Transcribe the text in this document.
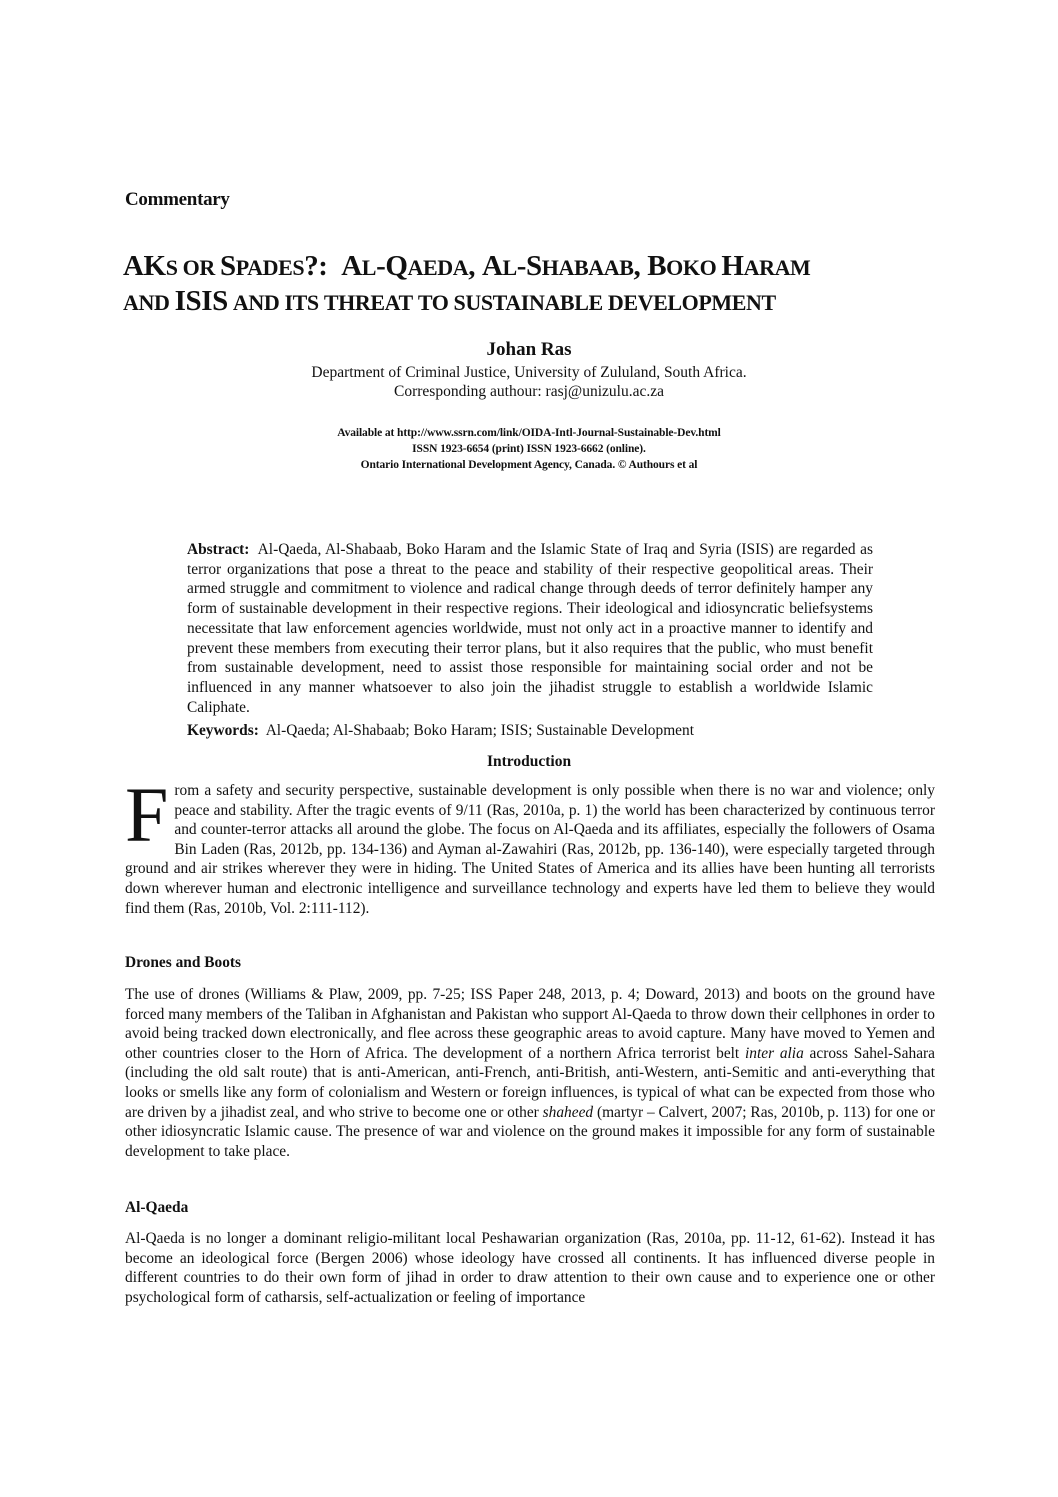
Commentary
AKS OR SPADES?:  AL-QAEDA, AL-SHABAAB, BOKO HARAM
AND ISIS AND ITS THREAT TO SUSTAINABLE DEVELOPMENT
Johan Ras
Department of Criminal Justice, University of Zululand, South Africa.
Corresponding authour: rasj@unizulu.ac.za
Available at http://www.ssrn.com/link/OIDA-Intl-Journal-Sustainable-Dev.html
ISSN 1923-6654 (print) ISSN 1923-6662 (online).
Ontario International Development Agency, Canada. © Authours et al

Abstract: Al-Qaeda, Al-Shabaab, Boko Haram and the Islamic State of Iraq and Syria (ISIS) are regarded as terror organizations that pose a threat to the peace and stability of their respective geopolitical areas. Their armed struggle and commitment to violence and radical change through deeds of terror definitely hamper any form of sustainable development in their respective regions. Their ideological and idiosyncratic beliefsystems necessitate that law enforcement agencies worldwide, must not only act in a proactive manner to identify and prevent these members from executing their terror plans, but it also requires that the public, who must benefit from sustainable development, need to assist those responsible for maintaining social order and not be influenced in any manner whatsoever to also join the jihadist struggle to establish a worldwide Islamic Caliphate.

Keywords: Al-Qaeda; Al-Shabaab; Boko Haram; ISIS; Sustainable Development
Introduction

From a safety and security perspective, sustainable development is only possible when there is no war and violence; only peace and stability. After the tragic events of 9/11 (Ras, 2010a, p. 1) the world has been characterized by continuous terror and counter-terror attacks all around the globe. The focus on Al-Qaeda and its affiliates, especially the followers of Osama Bin Laden (Ras, 2012b, pp. 134-136) and Ayman al-Zawahiri (Ras, 2012b, pp. 136-140), were especially targeted through ground and air strikes wherever they were in hiding. The United States of America and its allies have been hunting all terrorists down wherever human and electronic intelligence and surveillance technology and experts have led them to believe they would find them (Ras, 2010b, Vol. 2:111-112).

Drones and Boots

The use of drones (Williams & Plaw, 2009, pp. 7-25; ISS Paper 248, 2013, p. 4; Doward, 2013) and boots on the ground have forced many members of the Taliban in Afghanistan and Pakistan who support Al-Qaeda to throw down their cellphones in order to avoid being tracked down electronically, and flee across these geographic areas to avoid capture. Many have moved to Yemen and other countries closer to the Horn of Africa. The development of a northern Africa terrorist belt inter alia across Sahel-Sahara (including the old salt route) that is anti-American, anti-French, anti-British, anti-Western, anti-Semitic and anti-everything that looks or smells like any form of colonialism and Western or foreign influences, is typical of what can be expected from those who are driven by a jihadist zeal, and who strive to become one or other shaheed (martyr – Calvert, 2007; Ras, 2010b, p. 113) for one or other idiosyncratic Islamic cause. The presence of war and violence on the ground makes it impossible for any form of sustainable development to take place.

Al-Qaeda

Al-Qaeda is no longer a dominant religio-militant local Peshawarian organization (Ras, 2010a, pp. 11-12, 61-62). Instead it has become an ideological force (Bergen 2006) whose ideology have crossed all continents. It has influenced diverse people in different countries to do their own form of jihad in order to draw attention to their own cause and to experience one or other psychological form of catharsis, self-actualization or feeling of importance
